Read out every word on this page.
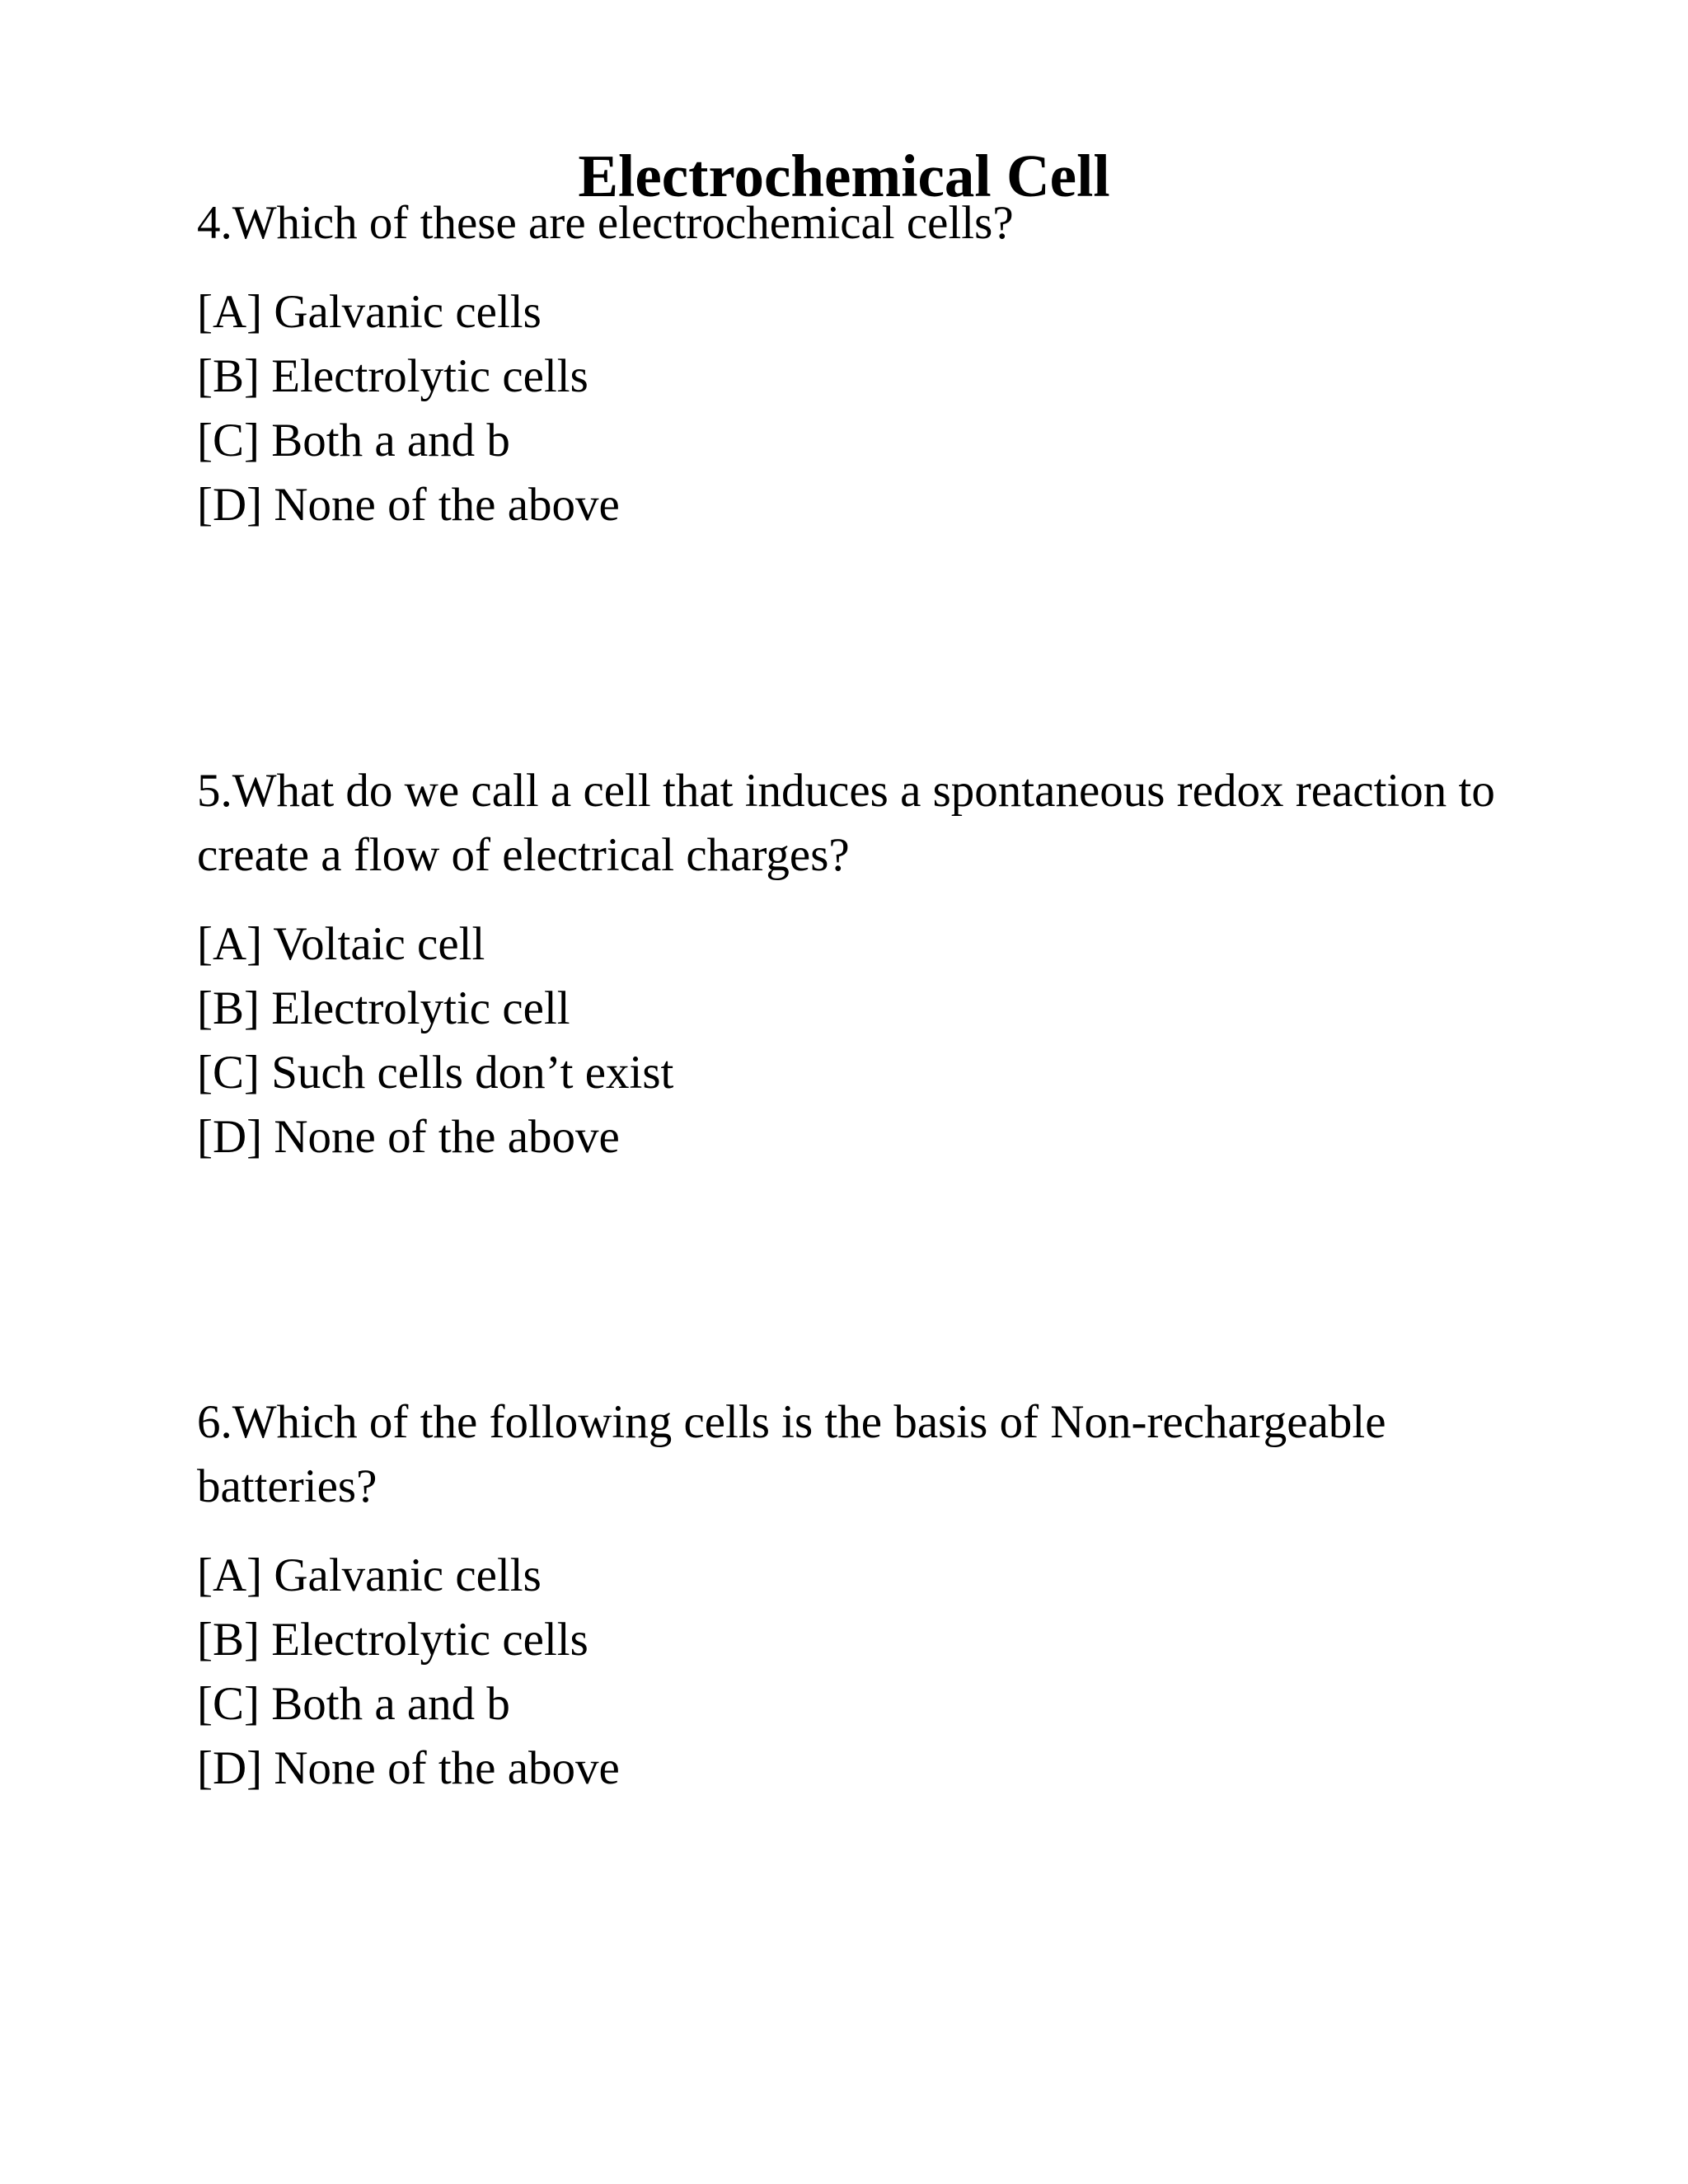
Electrochemical Cell

4.Which of these are electrochemical cells?

[A] Galvanic cells
[B] Electrolytic cells
[C] Both a and b
[D] None of the above

5.What do we call a cell that induces a spontaneous redox reaction to create a flow of electrical charges?

[A] Voltaic cell
[B] Electrolytic cell
[C] Such cells don’t exist
[D] None of the above

6.Which of the following cells is the basis of Non-rechargeable batteries?

[A] Galvanic cells
[B] Electrolytic cells
[C] Both a and b
[D] None of the above
